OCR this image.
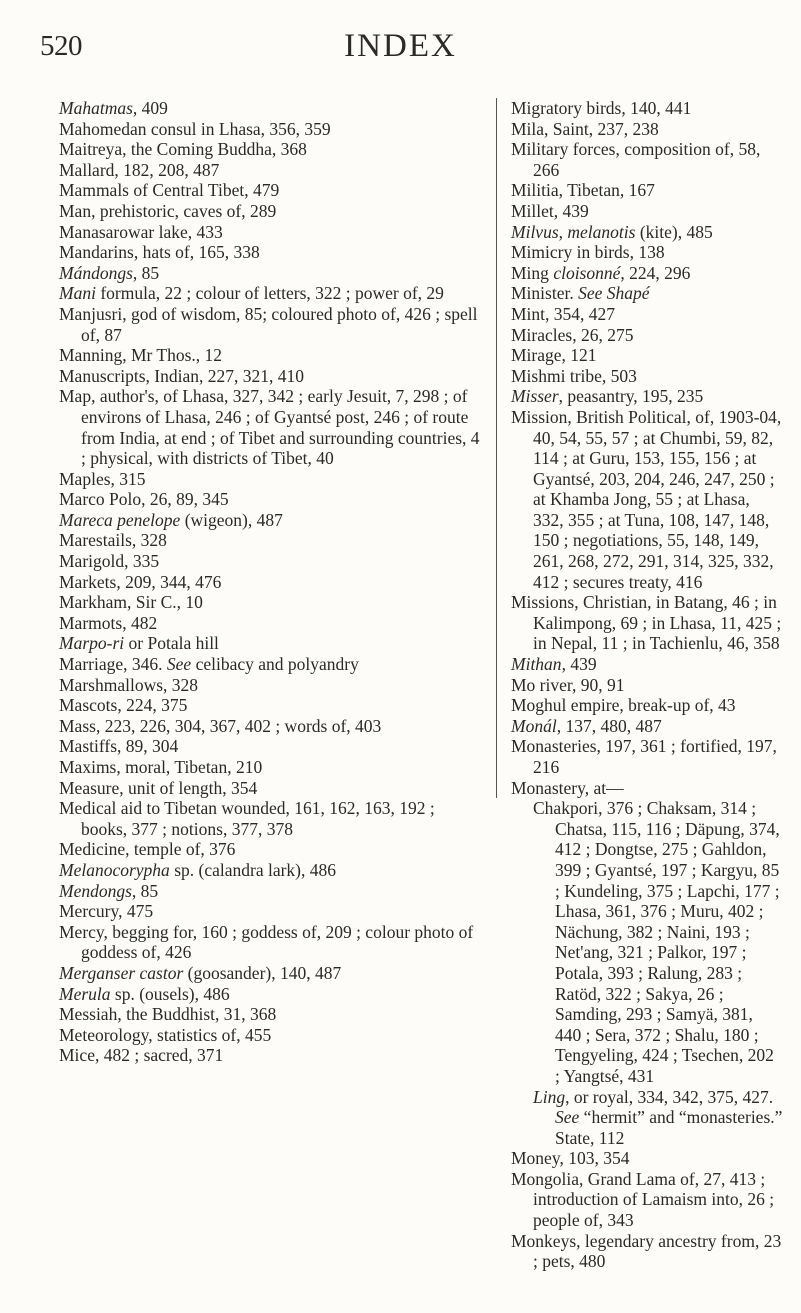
520	INDEX

Mahatmas, 409

Mahomedan consul in Lhasa, 356, 359

Maitreya, the Coming Buddha, 368

Mallard, 182, 208, 487

Mammals of Central Tibet, 479

Man, prehistoric, caves of, 289

Manasarowar lake, 433

Mandarins, hats of, 165, 338

Mándongs, 85

Mani formula, 22 ; colour of letters, 322 ; power of, 29

Manjusri, god of wisdom, 85; coloured photo of, 426 ; spell of, 87

Manning, Mr Thos., 12

Manuscripts, Indian, 227, 321, 410

Map, author's, of Lhasa, 327, 342 ; early Jesuit, 7, 298 ; of environs of Lhasa, 246 ; of Gyantsé post, 246 ; of route from India, at end ; of Tibet and surrounding countries, 4 ; physical, with districts of Tibet, 40

Maples, 315

Marco Polo, 26, 89, 345

Mareca penelope (wigeon), 487

Marestails, 328

Marigold, 335

Markets, 209, 344, 476

Markham, Sir C., 10

Marmots, 482

Marpo-ri or Potala hill

Marriage, 346. See celibacy and polyandry

Marshmallows, 328

Mascots, 224, 375

Mass, 223, 226, 304, 367, 402 ; words of, 403

Mastiffs, 89, 304

Maxims, moral, Tibetan, 210

Measure, unit of length, 354

Medical aid to Tibetan wounded, 161, 162, 163, 192 ; books, 377 ; notions, 377, 378

Medicine, temple of, 376

Melanocorypha sp. (calandra lark), 486

Mendongs, 85

Mercury, 475

Mercy, begging for, 160 ; goddess of, 209 ; colour photo of goddess of, 426

Merganser castor (goosander), 140, 487

Merula sp. (ousels), 486

Messiah, the Buddhist, 31, 368

Meteorology, statistics of, 455

Mice, 482 ; sacred, 371

Migratory birds, 140, 441

Mila, Saint, 237, 238

Military forces, composition of, 58, 266

Militia, Tibetan, 167

Millet, 439

Milvus, melanotis (kite), 485

Mimicry in birds, 138

Ming cloisonné, 224, 296

Minister. See Shapé

Mint, 354, 427

Miracles, 26, 275

Mirage, 121

Mishmi tribe, 503

Misser, peasantry, 195, 235

Mission, British Political, of, 1903-04, 40, 54, 55, 57 ; at Chumbi, 59, 82, 114 ; at Guru, 153, 155, 156 ; at Gyantsé, 203, 204, 246, 247, 250 ; at Khamba Jong, 55 ; at Lhasa, 332, 355 ; at Tuna, 108, 147, 148, 150 ; negotiations, 55, 148, 149, 261, 268, 272, 291, 314, 325, 332, 412 ; secures treaty, 416

Missions, Christian, in Batang, 46 ; in Kalimpong, 69 ; in Lhasa, 11, 425 ; in Nepal, 11 ; in Tachienlu, 46, 358

Mithan, 439

Mo river, 90, 91

Moghul empire, break-up of, 43

Monál, 137, 480, 487

Monasteries, 197, 361 ; fortified, 197, 216

Monastery, at—

Chakpori, 376 ; Chaksam, 314 ; Chatsa, 115, 116 ; Däpung, 374, 412 ; Dongtse, 275 ; Gahldon, 399 ; Gyantsé, 197 ; Kargyu, 85 ; Kundeling, 375 ; Lapchi, 177 ; Lhasa, 361, 376 ; Muru, 402 ; Nächung, 382 ; Naini, 193 ; Net'ang, 321 ; Palkor, 197 ; Potala, 393 ; Ralung, 283 ; Ratöd, 322 ; Sakya, 26 ; Samding, 293 ; Samyä, 381, 440 ; Sera, 372 ; Shalu, 180 ; Tengyeling, 424 ; Tsechen, 202 ; Yangtsé, 431

Ling, or royal, 334, 342, 375, 427. See “hermit” and “monasteries.” State, 112

Money, 103, 354

Mongolia, Grand Lama of, 27, 413 ; introduction of Lamaism into, 26 ; people of, 343

Monkeys, legendary ancestry from, 23 ; pets, 480
